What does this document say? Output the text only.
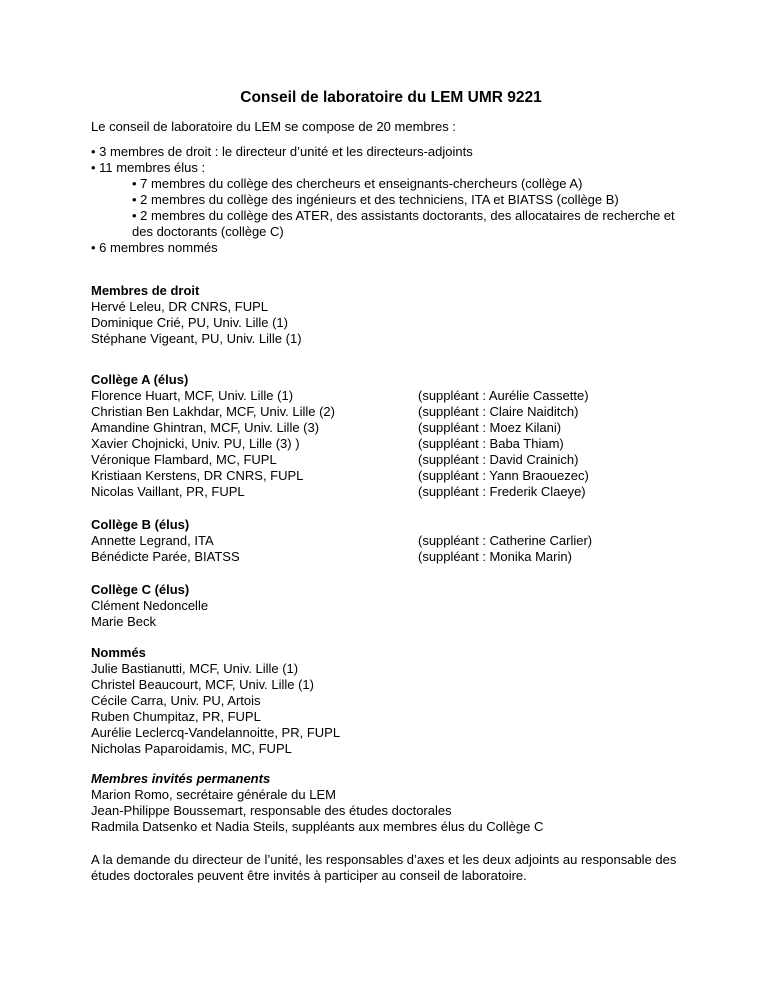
Conseil de laboratoire du LEM UMR 9221
Le conseil de laboratoire du LEM se compose de 20 membres :
• 3 membres de droit : le directeur d’unité et les directeurs-adjoints
• 11 membres élus :
• 7 membres du collège des chercheurs et enseignants-chercheurs (collège A)
• 2 membres du collège des ingénieurs et des techniciens, ITA et BIATSS (collège B)
• 2 membres du collège des ATER, des assistants doctorants, des allocataires de recherche et
des doctorants (collège C)
• 6 membres nommés
Membres de droit
Hervé Leleu, DR CNRS, FUPL
Dominique Crié, PU, Univ. Lille (1)
Stéphane Vigeant, PU, Univ. Lille (1)
Collège A (élus)
Florence Huart, MCF, Univ. Lille (1)	(suppléant : Aurélie Cassette)
Christian Ben Lakhdar, MCF, Univ. Lille (2)	(suppléant : Claire Naiditch)
Amandine Ghintran, MCF, Univ. Lille (3)	(suppléant : Moez Kilani)
Xavier Chojnicki, Univ. PU, Lille (3) )	(suppléant : Baba Thiam)
Véronique Flambard, MC, FUPL	(suppléant : David Crainich)
Kristiaan Kerstens, DR CNRS, FUPL	(suppléant : Yann Braouezec)
Nicolas Vaillant, PR, FUPL	(suppléant : Frederik Claeye)
Collège B (élus)
Annette Legrand, ITA	(suppléant : Catherine Carlier)
Bénédicte Parée, BIATSS	(suppléant : Monika Marin)
Collège C (élus)
Clément Nedoncelle
Marie Beck
Nommés
Julie Bastianutti, MCF, Univ. Lille (1)
Christel Beaucourt, MCF, Univ. Lille (1)
Cécile Carra, Univ. PU, Artois
Ruben Chumpitaz, PR, FUPL
Aurélie Leclercq-Vandelannoitte, PR, FUPL
Nicholas Paparoidamis, MC, FUPL
Membres invités permanents
Marion Romo, secrétaire générale du LEM
Jean-Philippe Boussemart, responsable des études doctorales
Radmila Datsenko et Nadia Steils, suppléants aux membres élus du Collège C
A la demande du directeur de l’unité, les responsables d’axes et les deux adjoints au responsable des études doctorales peuvent être invités à participer au conseil de laboratoire.
